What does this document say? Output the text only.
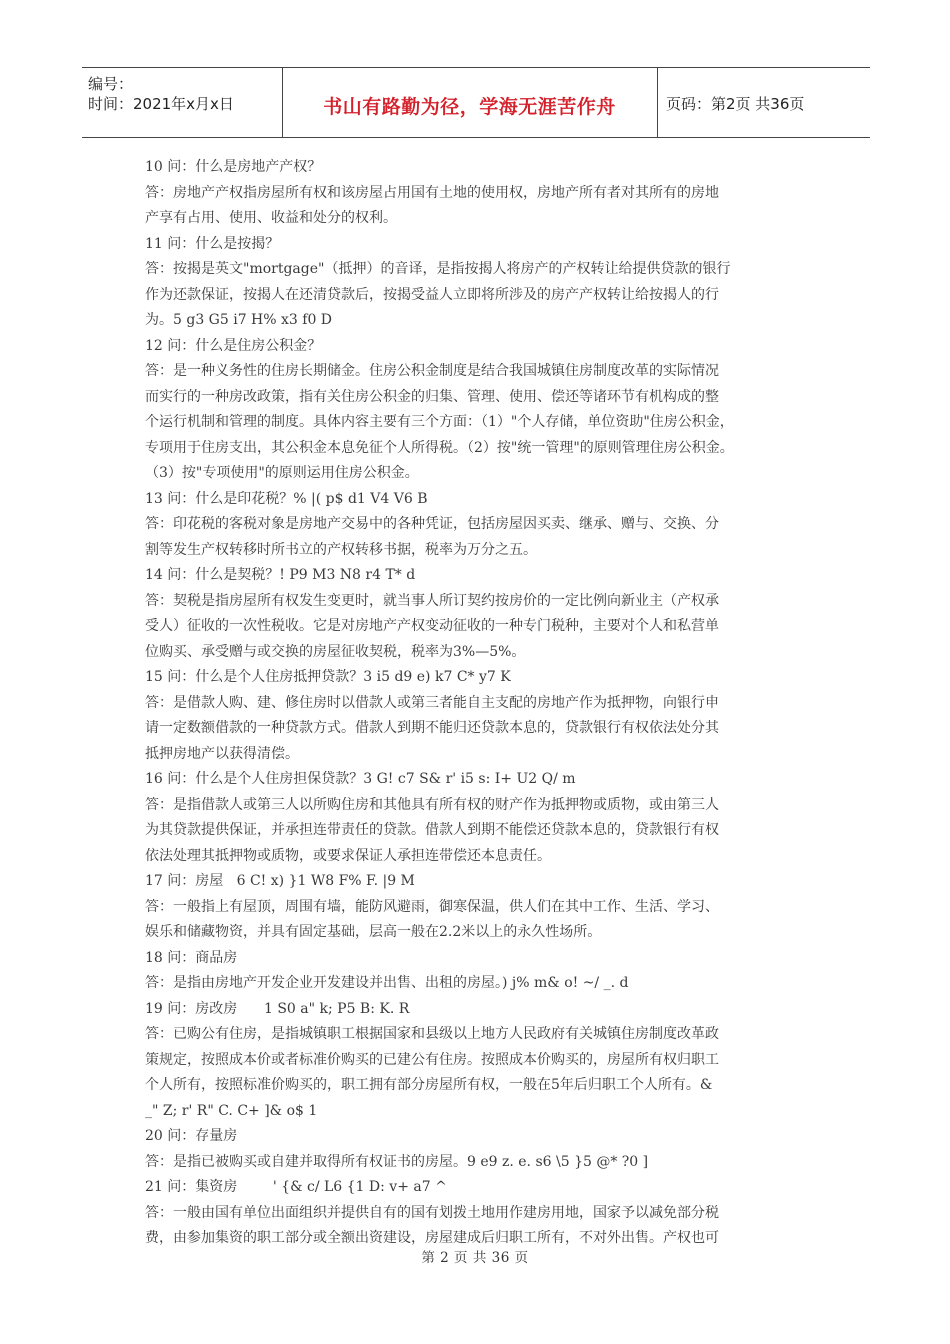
编号：
时间：2021年x月x日	书山有路勤为径，学海无涯苦作舟	页码：第2页 共36页

10 问：什么是房地产产权？

答：房地产产权指房屋所有权和该房屋占用国有土地的使用权，房地产所有者对其所有的房地

产享有占用、使用、收益和处分的权利。

11 问：什么是按揭？

答：按揭是英文"mortgage"（抵押）的音译，是指按揭人将房产的产权转让给提供贷款的银行

作为还款保证，按揭人在还清贷款后，按揭受益人立即将所涉及的房产产权转让给按揭人的行

为。5 g3 G5 i7 H% x3 f0 D

12 问：什么是住房公积金？

答：是一种义务性的住房长期储金。住房公积金制度是结合我国城镇住房制度改革的实际情况

而实行的一种房改政策，指有关住房公积金的归集、管理、使用、偿还等诸环节有机构成的整

个运行机制和管理的制度。具体内容主要有三个方面：（1）"个人存储，单位资助"住房公积金，

专项用于住房支出，其公积金本息免征个人所得税。（2）按"统一管理"的原则管理住房公积金。

（3）按"专项使用"的原则运用住房公积金。

13 问：什么是印花税？% |( p$ d1 V4 V6 B

答：印花税的客税对象是房地产交易中的各种凭证，包括房屋因买卖、继承、赠与、交换、分

割等发生产权转移时所书立的产权转移书据，税率为万分之五。

14 问：什么是契税？! P9 M3 N8 r4 T* d

答：契税是指房屋所有权发生变更时，就当事人所订契约按房价的一定比例向新业主（产权承

受人）征收的一次性税收。它是对房地产产权变动征收的一种专门税种，主要对个人和私营单

位购买、承受赠与或交换的房屋征收契税，税率为3%—5%。

15 问：什么是个人住房抵押贷款？3 i5 d9 e) k7 C* y7 K

答：是借款人购、建、修住房时以借款人或第三者能自主支配的房地产作为抵押物，向银行申

请一定数额借款的一种贷款方式。借款人到期不能归还贷款本息的，贷款银行有权依法处分其

抵押房地产以获得清偿。

16 问：什么是个人住房担保贷款？3 G! c7 S& r' i5 s: I+ U2 Q/ m

答：是指借款人或第三人以所购住房和其他具有所有权的财产作为抵押物或质物，或由第三人

为其贷款提供保证，并承担连带责任的贷款。借款人到期不能偿还贷款本息的，贷款银行有权

依法处理其抵押物或质物，或要求保证人承担连带偿还本息责任。

17 问：房屋   6 C! x) }1 W8 F% F. |9 M

答：一般指上有屋顶，周围有墙，能防风避雨，御寒保温，供人们在其中工作、生活、学习、

娱乐和储藏物资，并具有固定基础，层高一般在2.2米以上的永久性场所。

18 问：商品房

答：是指由房地产开发企业开发建设并出售、出租的房屋。) j% m& o! ~/ _. d

19 问：房改房      1 S0 a" k; P5 B: K. R

答：已购公有住房，是指城镇职工根据国家和县级以上地方人民政府有关城镇住房制度改革政

策规定，按照成本价或者标准价购买的已建公有住房。按照成本价购买的，房屋所有权归职工

个人所有，按照标准价购买的，职工拥有部分房屋所有权，一般在5年后归职工个人所有。&

_" Z; r' R" C. C+ ]& o$ 1

20 问：存量房

答：是指已被购买或自建并取得所有权证书的房屋。9 e9 z. e. s6 \5 }5 @* ?0 ]

21 问：集资房        ' {& c/ L6 {1 D: v+ a7 ^

答：一般由国有单位出面组织并提供自有的国有划拨土地用作建房用地，国家予以减免部分税

费，由参加集资的职工部分或全额出资建设，房屋建成后归职工所有，不对外出售。产权也可

第 2 页 共 36 页
